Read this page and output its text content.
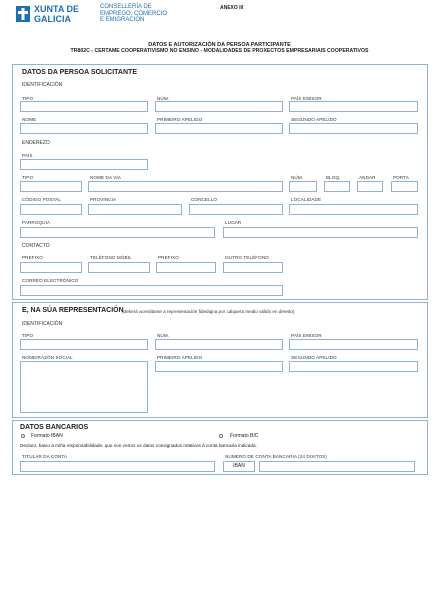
XUNTA DE GALICIA
CONSELLERÍA DE
EMPREGO, COMERCIO
E EMIGRACIÓN
ANEXO III
DATOS E AUTORIZACIÓN DA PERSOA PARTICIPANTE
TR802C - CERTAME COOPERATIVISMO NO ENSINO - MODALIDADES DE PROXECTOS EMPRESARIAIS COOPERATIVOS
DATOS DA PERSOA SOLICITANTE
IDENTIFICACIÓN
TIPO	NÚM.	PAÍS EMISOR
NOME	PRIMEIRO APELIDO	SEGUNDO APELIDO
ENDEREZO
PAÍS
TIPO	NOME DA VÍA	NÚM.	BLOQ.	ANDAR	PORTA
CÓDIGO POSTAL	PROVINCIA	CONCELLO	LOCALIDADE
PARROQUIA	LUGAR
CONTACTO
PREFIXO	TELÉFONO MÓBIL	PREFIXO	OUTRO TELÉFONO
CORREO ELECTRÓNICO
E, NA SÚA REPRESENTACIÓN
(deberá acreditarse a representación fidedigna por calquera medio válido en dereito)
IDENTIFICACIÓN
TIPO	NÚM.	PAÍS EMISOR
NOME/RAZÓN SOCIAL	PRIMEIRO APELIDO	SEGUNDO APELIDO
DATOS BANCARIOS
Formato IBAN	Formato BIC
Declaro, baixo a miña responsabilidade, que son certos os datos consignados relativos á conta bancaria indicada.
TITULAR DA CONTA	NÚMERO DE CONTA BANCARIA (24 DÍXITOS)
IBAN
